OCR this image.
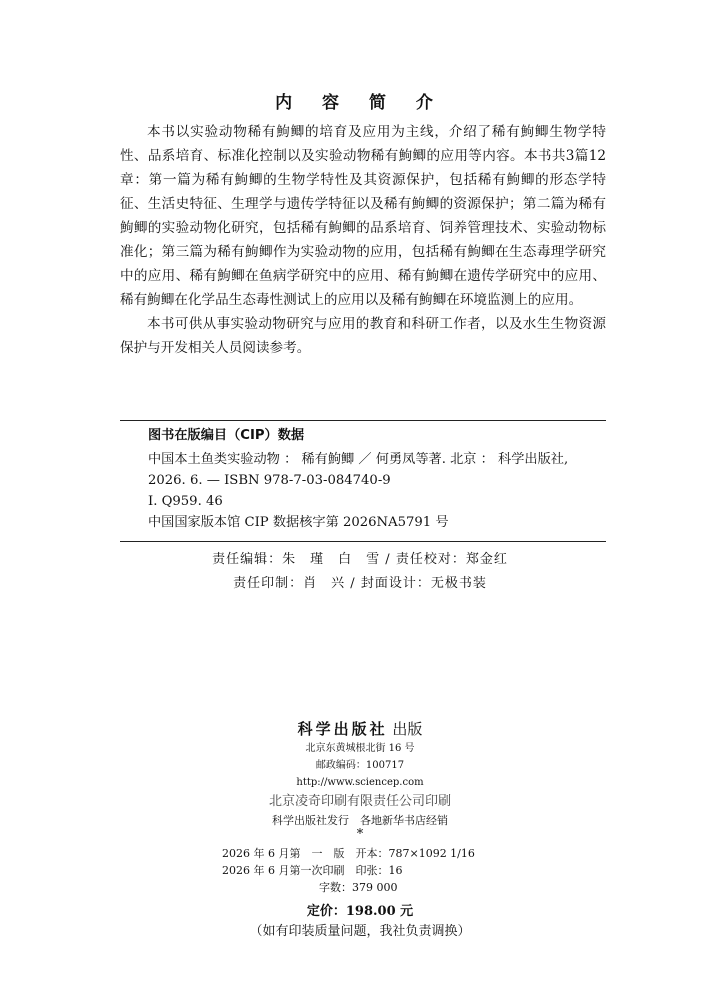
内 容 简 介

本书以实验动物稀有鮈鲫的培育及应用为主线，介绍了稀有鮈鲫生物学特性、品系培育、标准化控制以及实验动物稀有鮈鲫的应用等内容。本书共3篇12章：第一篇为稀有鮈鲫的生物学特性及其资源保护，包括稀有鮈鲫的形态学特征、生活史特征、生理学与遗传学特征以及稀有鮈鲫的资源保护；第二篇为稀有鮈鲫的实验动物化研究，包括稀有鮈鲫的品系培育、饲养管理技术、实验动物标准化；第三篇为稀有鮈鲫作为实验动物的应用，包括稀有鮈鲫在生态毒理学研究中的应用、稀有鮈鲫在鱼病学研究中的应用、稀有鮈鲫在遗传学研究中的应用、稀有鮈鲫在化学品生态毒性测试上的应用以及稀有鮈鲫在环境监测上的应用。

本书可供从事实验动物研究与应用的教育和科研工作者，以及水生生物资源保护与开发相关人员阅读参考。

图书在版编目（CIP）数据
中国本土鱼类实验动物 ： 稀有鮈鲫 ／ 何勇凤等著. 北京 ： 科学出版社,
2026. 6. — ISBN 978-7-03-084740-9
Ⅰ. Q959. 46
中国国家版本馆 CIP 数据核字第 2026NA5791 号
责任编辑：朱　瑾　白　雪 / 责任校对：郑金红
责任印制：肖　兴 / 封面设计：无极书装
科学出版社 出版
北京东黄城根北街 16 号
邮政编码：100717
http://www.sciencep.com
北京凌奇印刷有限责任公司印刷
科学出版社发行　各地新华书店经销
*
2026 年 6 月第　一　版　开本：787×1092 1/16
2026 年 6 月第一次印刷　印张：16
字数：379 000
定价：198.00 元
（如有印装质量问题，我社负责调换）
